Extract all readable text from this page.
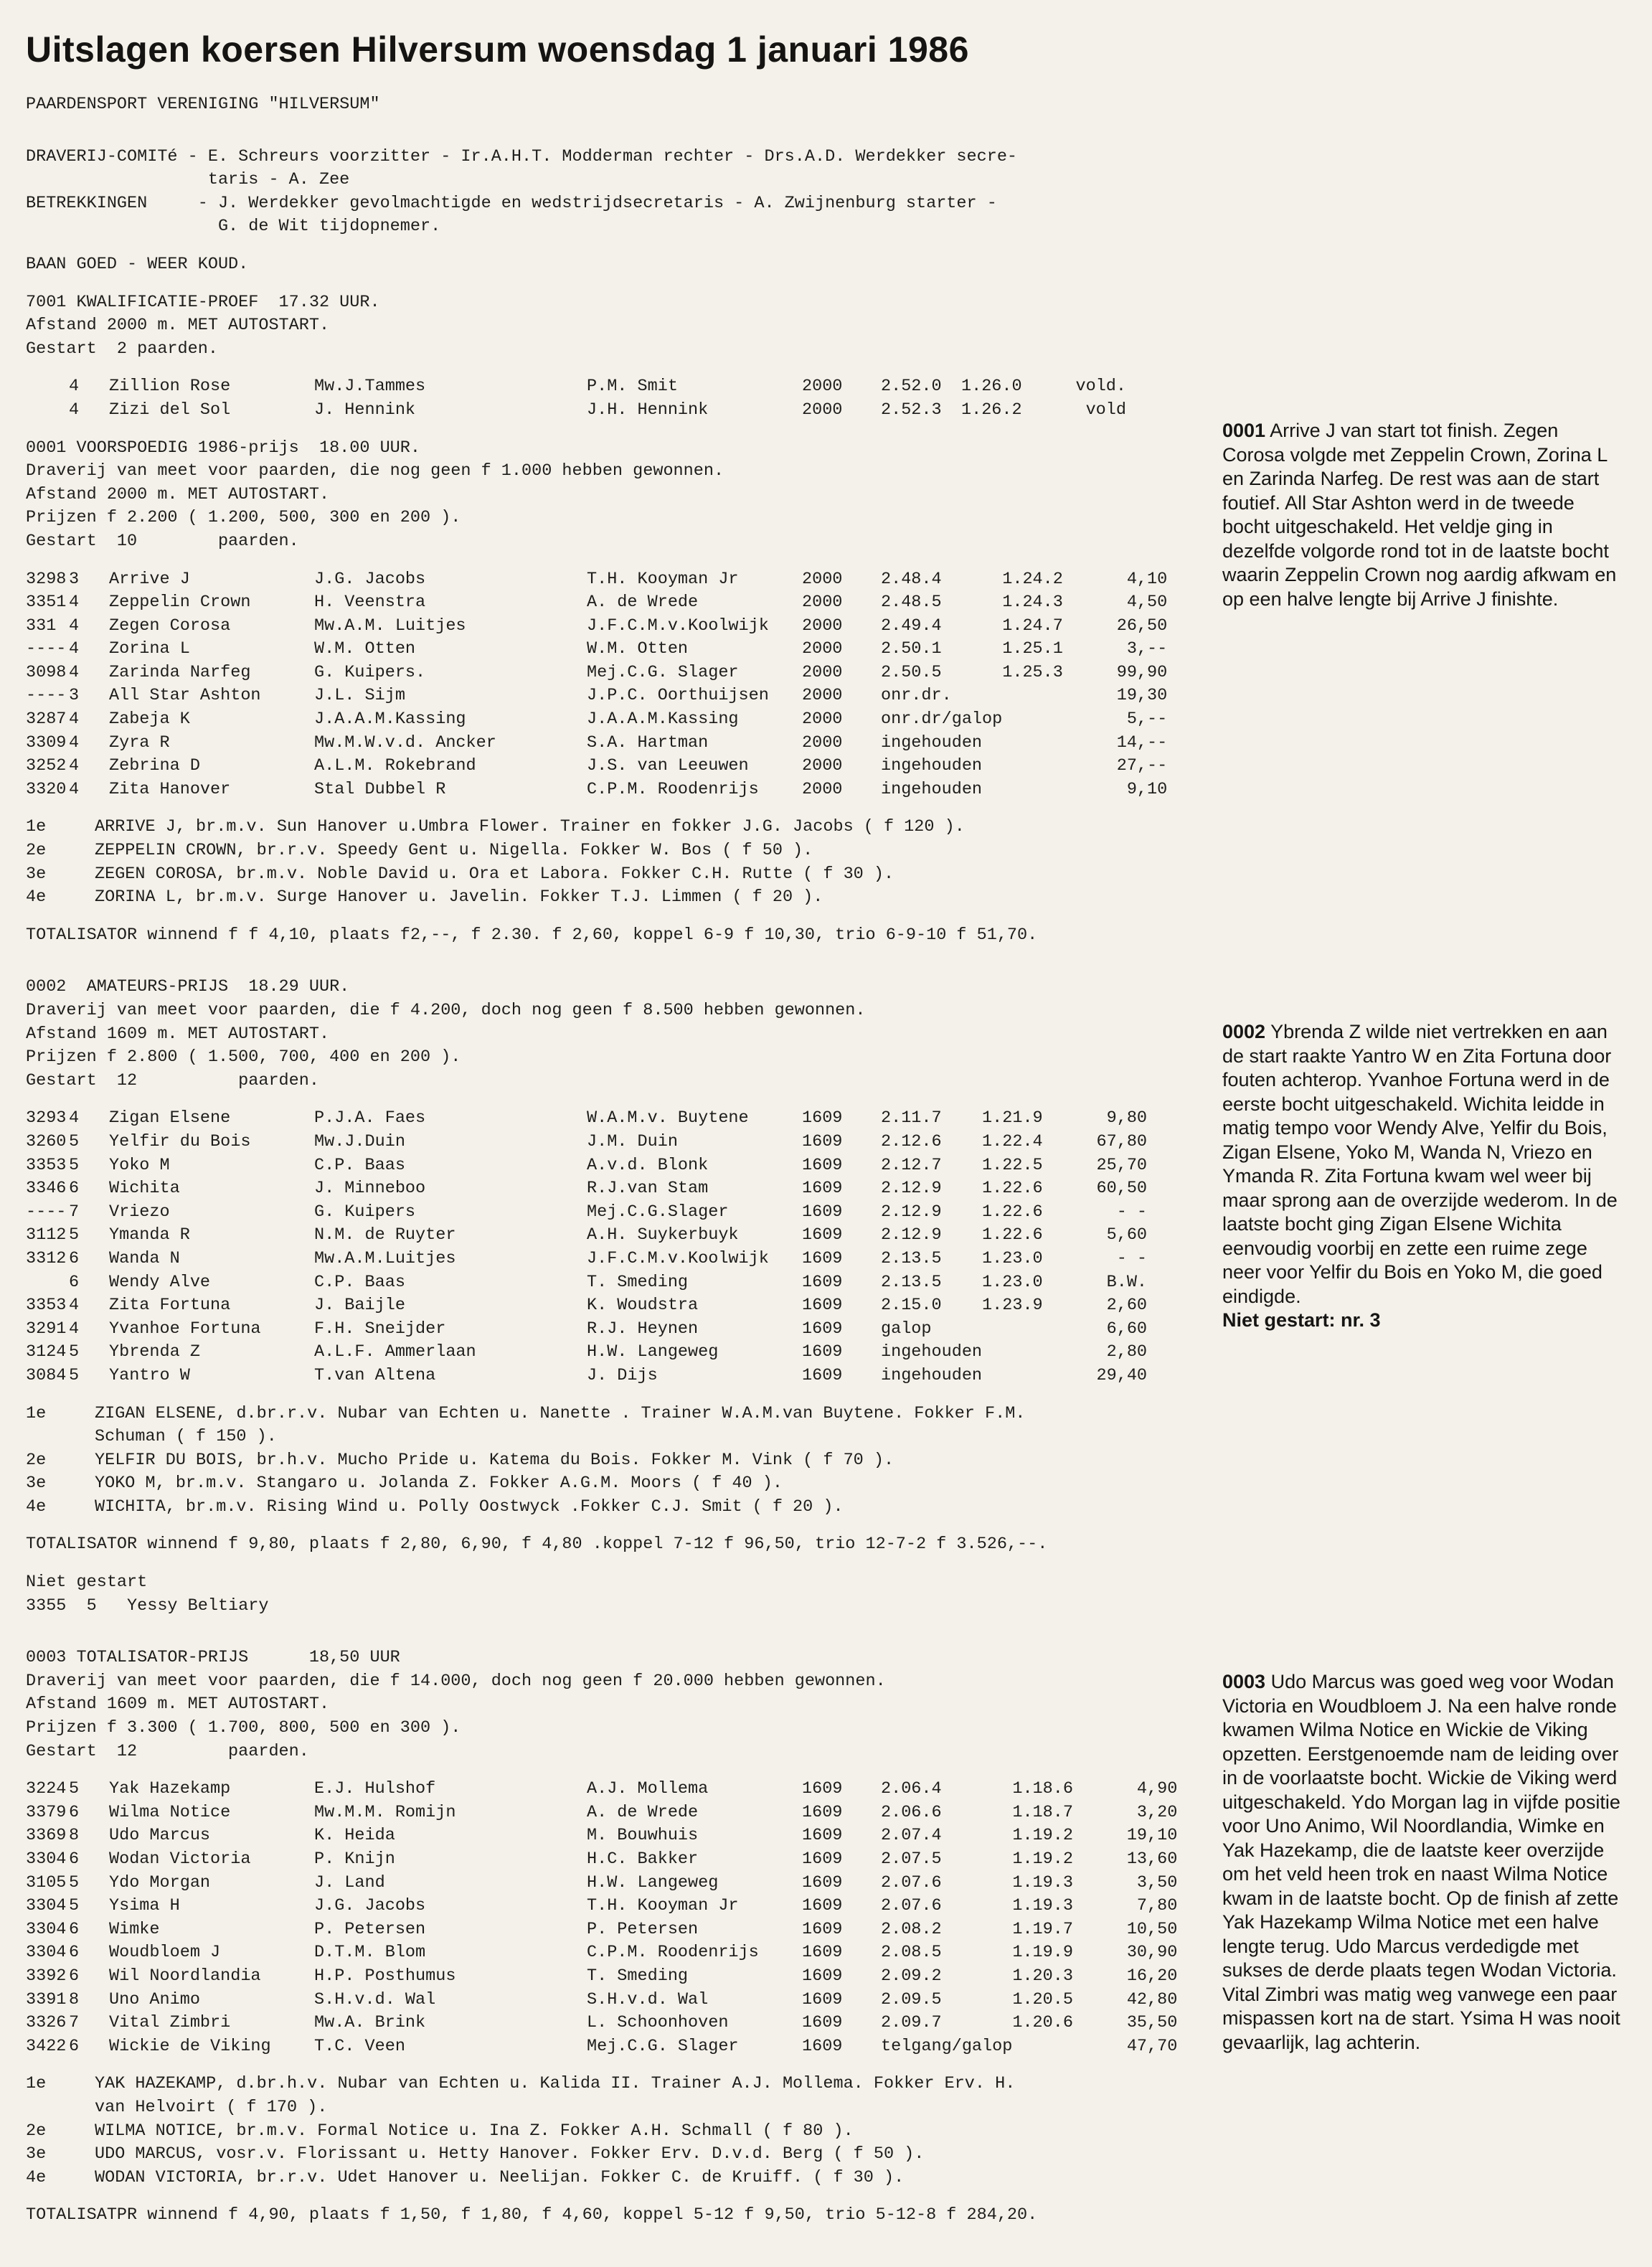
Uitslagen koersen Hilversum woensdag 1 januari 1986
PAARDENSPORT VERENIGING "HILVERSUM"
DRAVERIJ-COMITé - E. Schreurs voorzitter - Ir.A.H.T. Modderman rechter - Drs.A.D. Werdekker secre-
taris - A. Zee
BETREKKINGEN     - J. Werdekker gevolmachtigde en wedstrijdsecretaris - A. Zwijnenburg starter -
G. de Wit tijdopnemer.
BAAN GOED - WEER KOUD.
7001 KWALIFICATIE-PROEF  17.32 UUR.
Afstand 2000 m. MET AUTOSTART.
Gestart  2 paarden.
	4	Zillion Rose	Mw.J.Tammes	P.M. Smit	2000	2.52.0	1.26.0	vold.
	4	Zizi del Sol	J. Hennink	J.H. Hennink	2000	2.52.3	1.26.2	vold
0001 VOORSPOEDIG 1986-prijs  18.00 UUR.
Draverij van meet voor paarden, die nog geen f 1.000 hebben gewonnen.
Afstand 2000 m. MET AUTOSTART.
Prijzen f 2.200 ( 1.200, 500, 300 en 200 ).
Gestart  10        paarden.
3298	3	Arrive J	J.G. Jacobs	T.H. Kooyman Jr	2000	2.48.4	1.24.2	4,10
3351	4	Zeppelin Crown	H. Veenstra	A. de Wrede	2000	2.48.5	1.24.3	4,50
331	4	Zegen Corosa	Mw.A.M. Luitjes	J.F.C.M.v.Koolwijk	2000	2.49.4	1.24.7	26,50
----	4	Zorina L	W.M. Otten	W.M. Otten	2000	2.50.1	1.25.1	3,--
3098	4	Zarinda Narfeg	G. Kuipers.	Mej.C.G. Slager	2000	2.50.5	1.25.3	99,90
----	3	All Star Ashton	J.L. Sijm	J.P.C. Oorthuijsen	2000	onr.dr.		19,30
3287	4	Zabeja K	J.A.A.M.Kassing	J.A.A.M.Kassing	2000	onr.dr/galop		5,--
3309	4	Zyra R	Mw.M.W.v.d. Ancker	S.A. Hartman	2000	ingehouden		14,--
3252	4	Zebrina D	A.L.M. Rokebrand	J.S. van Leeuwen	2000	ingehouden		27,--
3320	4	Zita Hanover	Stal Dubbel R	C.P.M. Roodenrijs	2000	ingehouden		9,10
1e	ARRIVE J, br.m.v. Sun Hanover u.Umbra Flower. Trainer en fokker J.G. Jacobs ( f 120 ).
2e	ZEPPELIN CROWN, br.r.v. Speedy Gent u. Nigella. Fokker W. Bos ( f 50 ).
3e	ZEGEN COROSA, br.m.v. Noble David u. Ora et Labora. Fokker C.H. Rutte ( f 30 ).
4e	ZORINA L, br.m.v. Surge Hanover u. Javelin. Fokker T.J. Limmen ( f 20 ).
TOTALISATOR winnend f f 4,10, plaats f2,--, f 2.30. f 2,60, koppel 6-9 f 10,30, trio 6-9-10 f 51,70.
0002  AMATEURS-PRIJS  18.29 UUR.
Draverij van meet voor paarden, die f 4.200, doch nog geen f 8.500 hebben gewonnen.
Afstand 1609 m. MET AUTOSTART.
Prijzen f 2.800 ( 1.500, 700, 400 en 200 ).
Gestart  12          paarden.
3293	4	Zigan Elsene	P.J.A. Faes	W.A.M.v. Buytene	1609	2.11.7	1.21.9	9,80
3260	5	Yelfir du Bois	Mw.J.Duin	J.M. Duin	1609	2.12.6	1.22.4	67,80
3353	5	Yoko M	C.P. Baas	A.v.d. Blonk	1609	2.12.7	1.22.5	25,70
3346	6	Wichita	J. Minneboo	R.J.van Stam	1609	2.12.9	1.22.6	60,50
----	7	Vriezo	G. Kuipers	Mej.C.G.Slager	1609	2.12.9	1.22.6	- -
3112	5	Ymanda R	N.M. de Ruyter	A.H. Suykerbuyk	1609	2.12.9	1.22.6	5,60
3312	6	Wanda N	Mw.A.M.Luitjes	J.F.C.M.v.Koolwijk	1609	2.13.5	1.23.0	- -
	6	Wendy Alve	C.P. Baas	T. Smeding	1609	2.13.5	1.23.0	B.W.
3353	4	Zita Fortuna	J. Baijle	K. Woudstra	1609	2.15.0	1.23.9	2,60
3291	4	Yvanhoe Fortuna	F.H. Sneijder	R.J. Heynen	1609	galop		6,60
3124	5	Ybrenda Z	A.L.F. Ammerlaan	H.W. Langeweg	1609	ingehouden		2,80
3084	5	Yantro W	T.van Altena	J. Dijs	1609	ingehouden		29,40
1e	ZIGAN ELSENE, d.br.r.v. Nubar van Echten u. Nanette . Trainer W.A.M.van Buytene. Fokker F.M.
Schuman ( f 150 ).
2e	YELFIR DU BOIS, br.h.v. Mucho Pride u. Katema du Bois. Fokker M. Vink ( f 70 ).
3e	YOKO M, br.m.v. Stangaro u. Jolanda Z. Fokker A.G.M. Moors ( f 40 ).
4e	WICHITA, br.m.v. Rising Wind u. Polly Oostwyck .Fokker C.J. Smit ( f 20 ).
TOTALISATOR winnend f 9,80, plaats f 2,80, 6,90, f 4,80 .koppel 7-12 f 96,50, trio 12-7-2 f 3.526,--.
Niet gestart
3355  5   Yessy Beltiary
0003 TOTALISATOR-PRIJS      18,50 UUR
Draverij van meet voor paarden, die f 14.000, doch nog geen f 20.000 hebben gewonnen.
Afstand 1609 m. MET AUTOSTART.
Prijzen f 3.300 ( 1.700, 800, 500 en 300 ).
Gestart  12         paarden.
3224	5	Yak Hazekamp	E.J. Hulshof	A.J. Mollema	1609	2.06.4	1.18.6	4,90
3379	6	Wilma Notice	Mw.M.M. Romijn	A. de Wrede	1609	2.06.6	1.18.7	3,20
3369	8	Udo Marcus	K. Heida	M. Bouwhuis	1609	2.07.4	1.19.2	19,10
3304	6	Wodan Victoria	P. Knijn	H.C. Bakker	1609	2.07.5	1.19.2	13,60
3105	5	Ydo Morgan	J. Land	H.W. Langeweg	1609	2.07.6	1.19.3	3,50
3304	5	Ysima H	J.G. Jacobs	T.H. Kooyman Jr	1609	2.07.6	1.19.3	7,80
3304	6	Wimke	P. Petersen	P. Petersen	1609	2.08.2	1.19.7	10,50
3304	6	Woudbloem J	D.T.M. Blom	C.P.M. Roodenrijs	1609	2.08.5	1.19.9	30,90
3392	6	Wil Noordlandia	H.P. Posthumus	T. Smeding	1609	2.09.2	1.20.3	16,20
3391	8	Uno Animo	S.H.v.d. Wal	S.H.v.d. Wal	1609	2.09.5	1.20.5	42,80
3326	7	Vital Zimbri	Mw.A. Brink	L. Schoonhoven	1609	2.09.7	1.20.6	35,50
3422	6	Wickie de Viking	T.C. Veen	Mej.C.G. Slager	1609	telgang/galop		47,70
1e	YAK HAZEKAMP, d.br.h.v. Nubar van Echten u. Kalida II. Trainer A.J. Mollema. Fokker Erv. H.
van Helvoirt ( f 170 ).
2e	WILMA NOTICE, br.m.v. Formal Notice u. Ina Z. Fokker A.H. Schmall ( f 80 ).
3e	UDO MARCUS, vosr.v. Florissant u. Hetty Hanover. Fokker Erv. D.v.d. Berg ( f 50 ).
4e	WODAN VICTORIA, br.r.v. Udet Hanover u. Neelijan. Fokker C. de Kruiff. ( f 30 ).
TOTALISATPR winnend f 4,90, plaats f 1,50, f 1,80, f 4,60, koppel 5-12 f 9,50, trio 5-12-8 f 284,20.
0001 Arrive J van start tot finish. Zegen Corosa volgde met Zeppelin Crown, Zorina L en Zarinda Narfeg. De rest was aan de start foutief. All Star Ashton werd in de tweede bocht uitgeschakeld. Het veldje ging in dezelfde volgorde rond tot in de laatste bocht waarin Zeppelin Crown nog aardig afkwam en op een halve lengte bij Arrive J finishte.
0002 Ybrenda Z wilde niet vertrekken en aan de start raakte Yantro W en Zita Fortuna door fouten achterop. Yvanhoe Fortuna werd in de eerste bocht uitgeschakeld. Wichita leidde in matig tempo voor Wendy Alve, Yelfir du Bois, Zigan Elsene, Yoko M, Wanda N, Vriezo en Ymanda R. Zita Fortuna kwam wel weer bij maar sprong aan de overzijde wederom. In de laatste bocht ging Zigan Elsene Wichita eenvoudig voorbij en zette een ruime zege neer voor Yelfir du Bois en Yoko M, die goed eindigde.
Niet gestart: nr. 3
0003 Udo Marcus was goed weg voor Wodan Victoria en Woudbloem J. Na een halve ronde kwamen Wilma Notice en Wickie de Viking opzetten. Eerstgenoemde nam de leiding over in de voorlaatste bocht. Wickie de Viking werd uitgeschakeld. Ydo Morgan lag in vijfde positie voor Uno Animo, Wil Noordlandia, Wimke en Yak Hazekamp, die de laatste keer overzijde om het veld heen trok en naast Wilma Notice kwam in de laatste bocht. Op de finish af zette Yak Hazekamp Wilma Notice met een halve lengte terug. Udo Marcus verdedigde met sukses de derde plaats tegen Wodan Victoria. Vital Zimbri was matig weg vanwege een paar mispassen kort na de start. Ysima H was nooit gevaarlijk, lag achterin.
